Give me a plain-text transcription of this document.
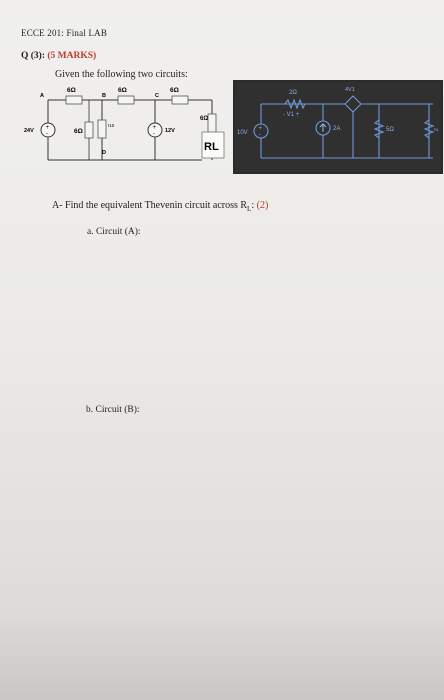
ECCE 201: Final LAB
Q (3): (5 MARKS)
Given the following two circuits:
+
-
+
-
A	B	C
D
6Ω	6Ω	6Ω
6Ω
I10
6Ω
24V	12V
RL
+
-
2Ω
- V1 +
4V1
10V
2A	5Ω	RL
A- Find the equivalent Thevenin circuit across $R_L$: (2)
a. Circuit (A):
b. Circuit (B):
